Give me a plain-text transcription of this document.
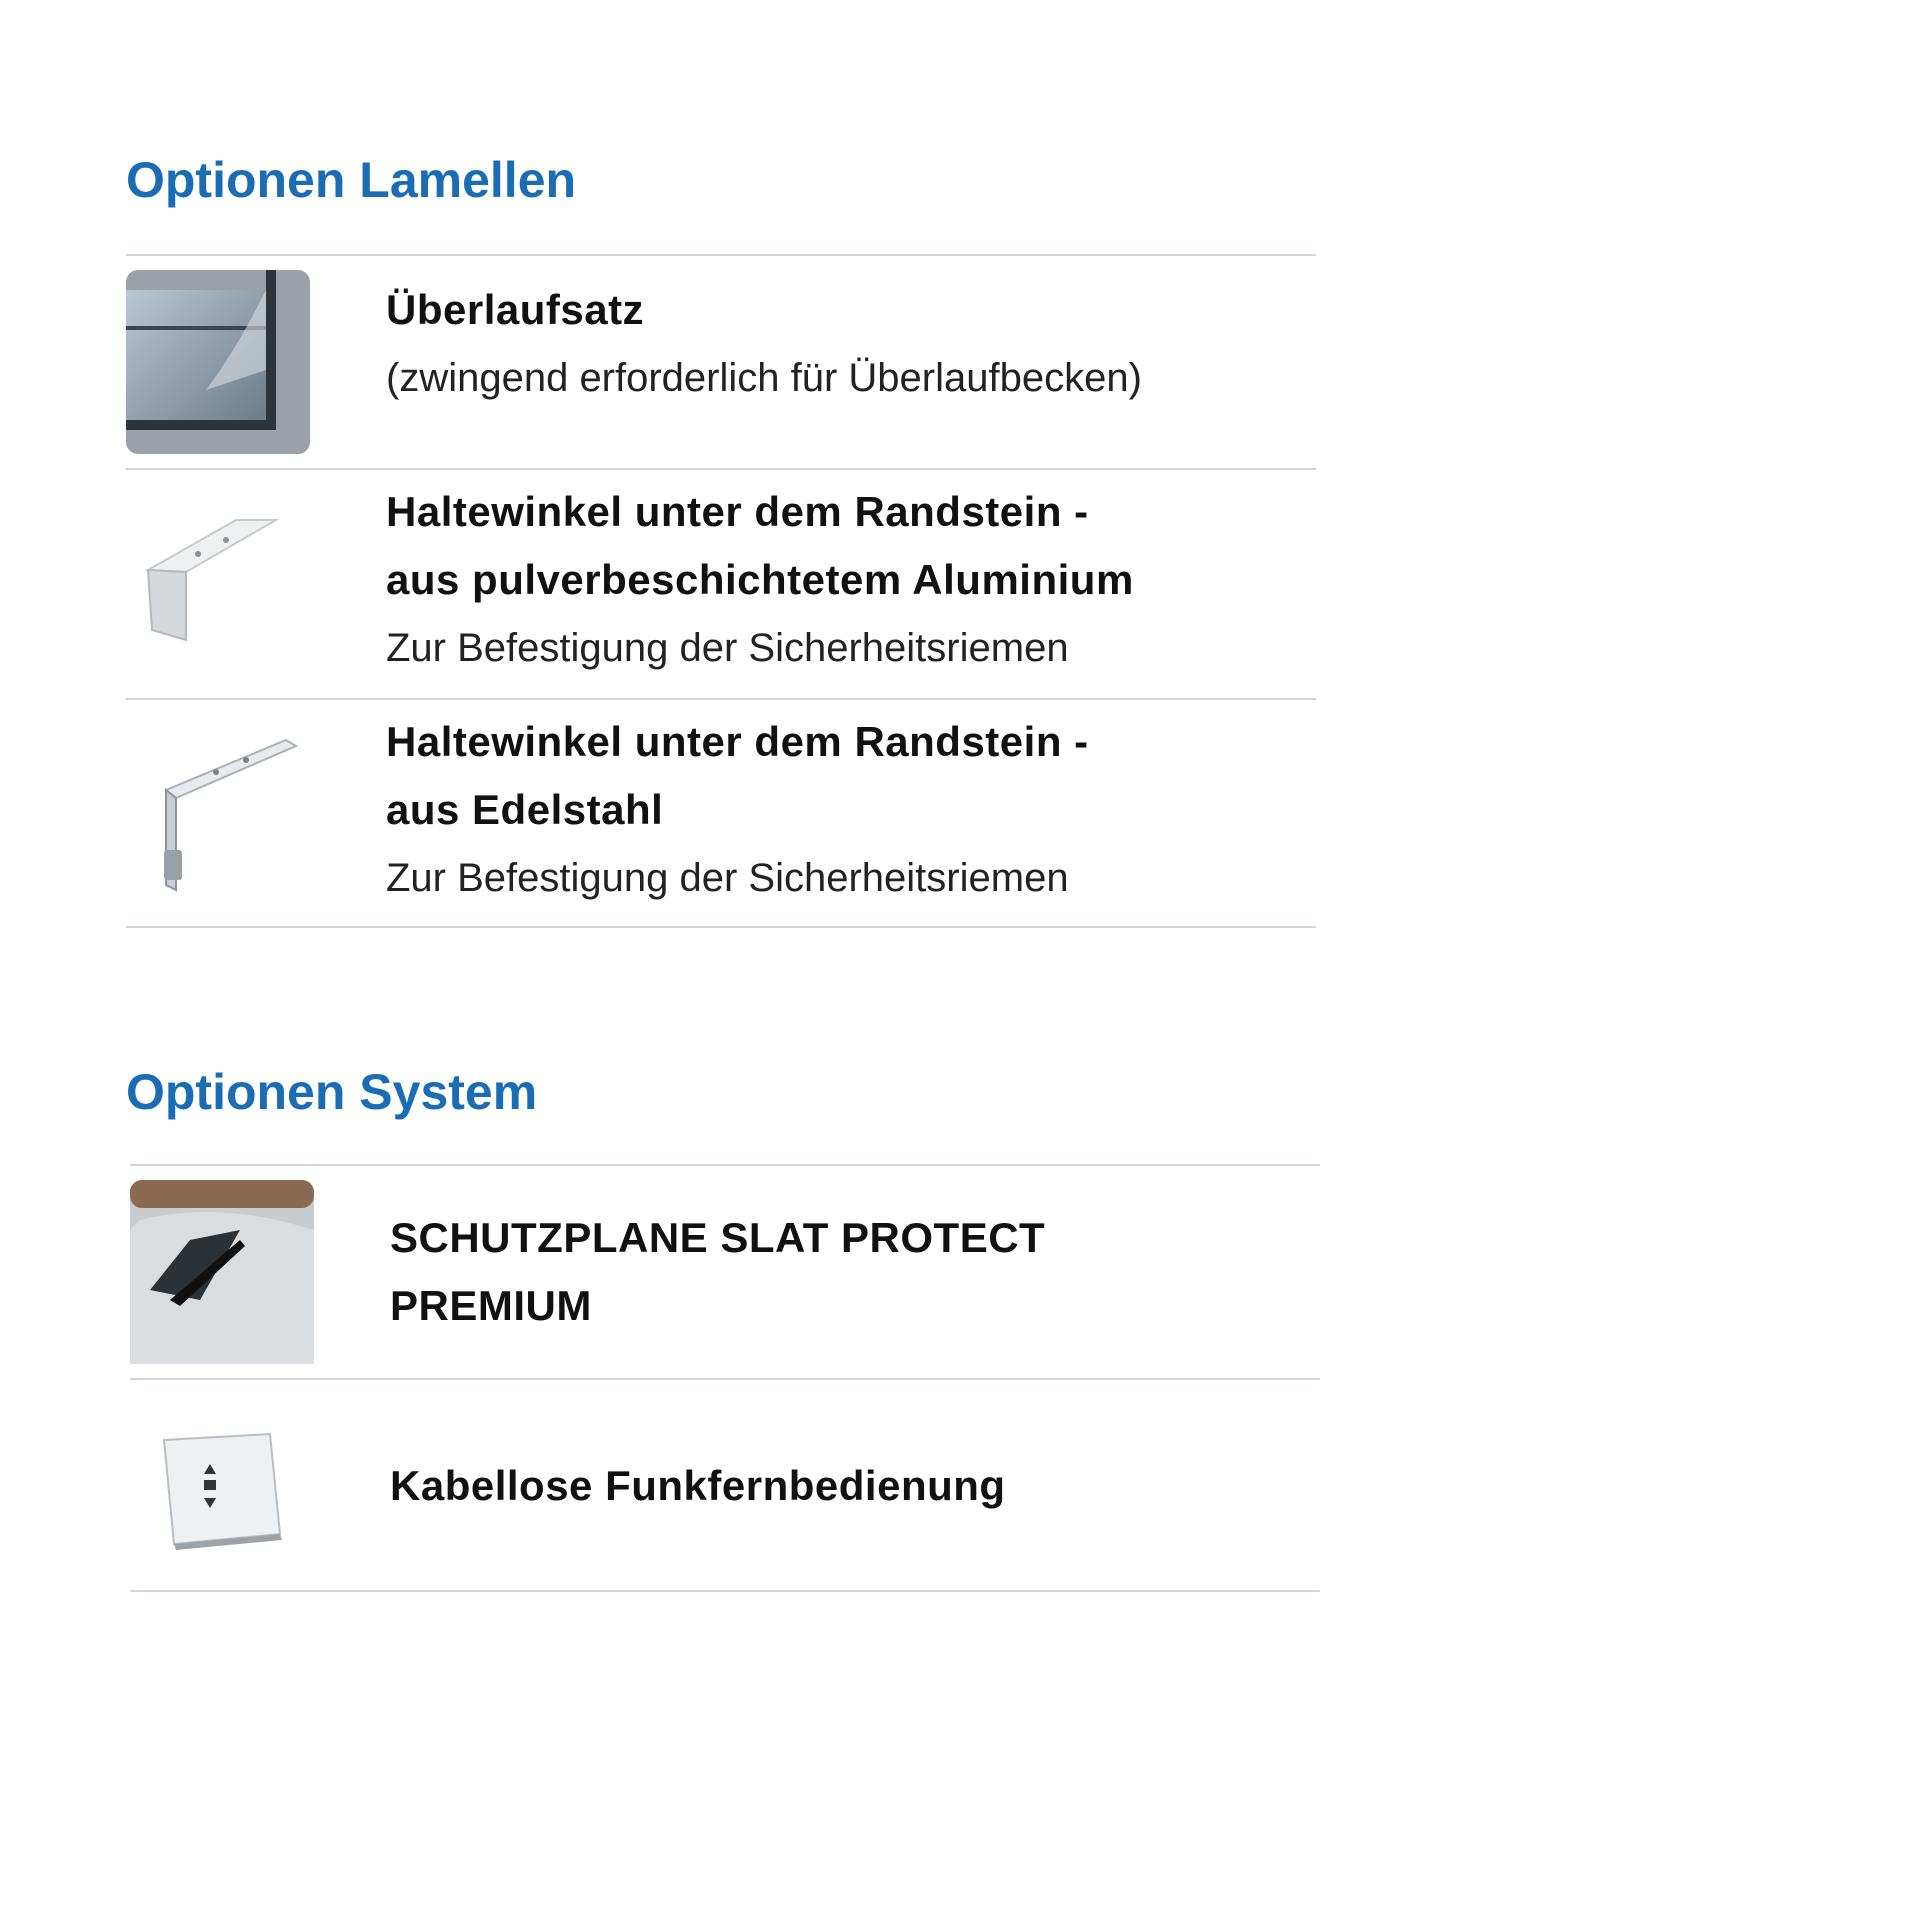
Optionen Lamellen
Überlaufsatz
(zwingend erforderlich für Überlaufbecken)
Haltewinkel unter dem Randstein -
aus pulverbeschichtetem Aluminium
Zur Befestigung der Sicherheitsriemen
Haltewinkel unter dem Randstein -
aus Edelstahl
Zur Befestigung der Sicherheitsriemen
Optionen System
SCHUTZPLANE SLAT PROTECT
PREMIUM
Kabellose Funkfernbedienung
